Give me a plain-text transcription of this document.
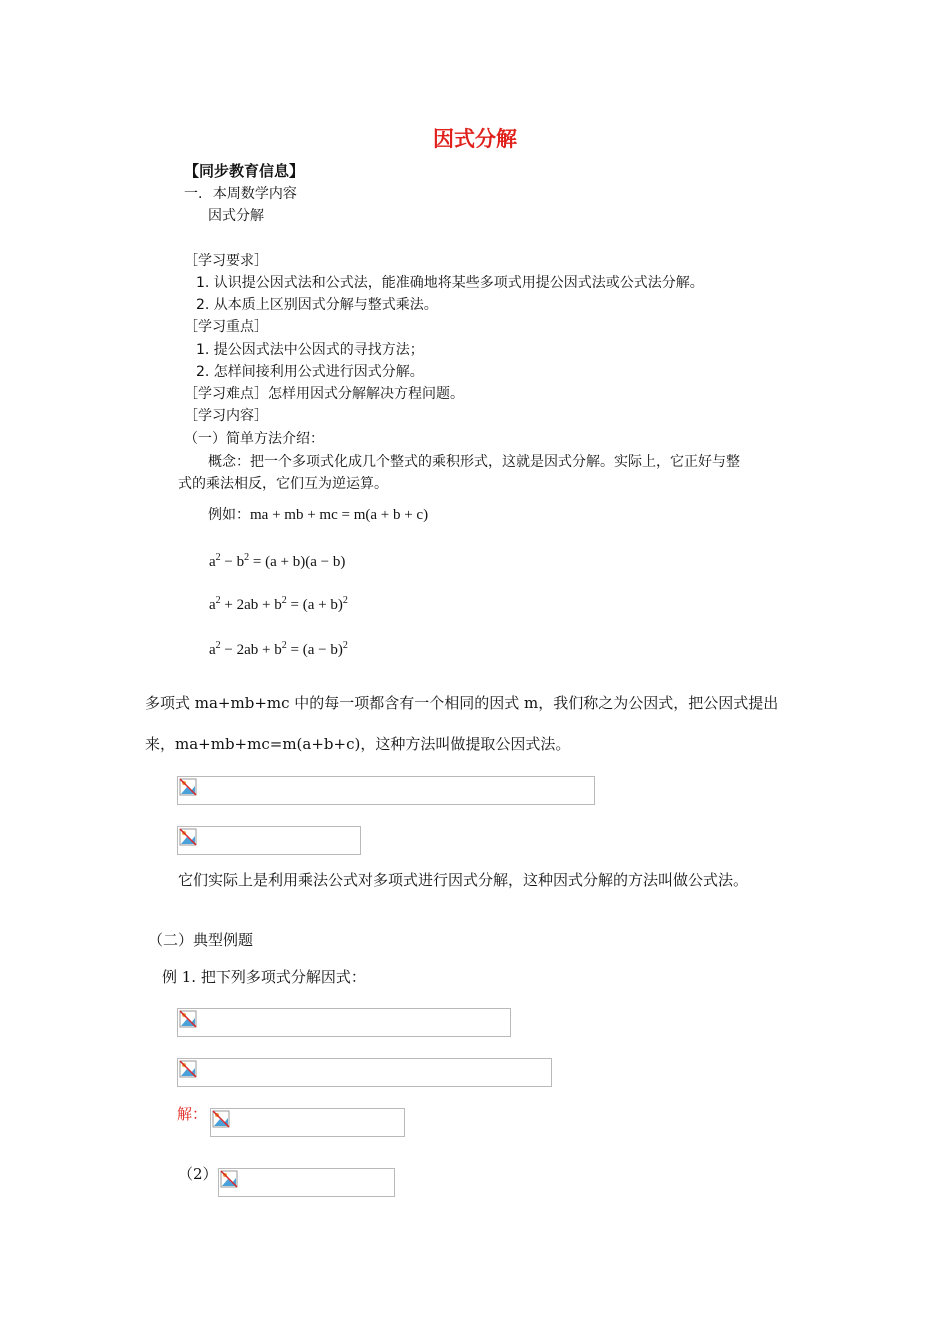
因式分解
【同步教育信息】
一. 本周数学内容
因式分解
［学习要求］
1. 认识提公因式法和公式法，能准确地将某些多项式用提公因式法或公式法分解。
2. 从本质上区别因式分解与整式乘法。
［学习重点］
1. 提公因式法中公因式的寻找方法；
2. 怎样间接利用公式进行因式分解。
［学习难点］怎样用因式分解解决方程问题。
［学习内容］
（一）简单方法介绍：
概念：把一个多项式化成几个整式的乘积形式，这就是因式分解。实际上，它正好与整
式的乘法相反，它们互为逆运算。
例如：ma + mb + mc = m(a + b + c)
$a^2 - b^2 = (a + b)(a - b)$
$a^2 + 2ab + b^2 = (a + b)^2$
$a^2 - 2ab + b^2 = (a - b)^2$
多项式 ma+mb+mc 中的每一项都含有一个相同的因式 m，我们称之为公因式，把公因式提出
来，ma+mb+mc=m(a+b+c)，这种方法叫做提取公因式法。
它们实际上是利用乘法公式对多项式进行因式分解，这种因式分解的方法叫做公式法。
（二）典型例题
例 1. 把下列多项式分解因式：
解：
（2）
